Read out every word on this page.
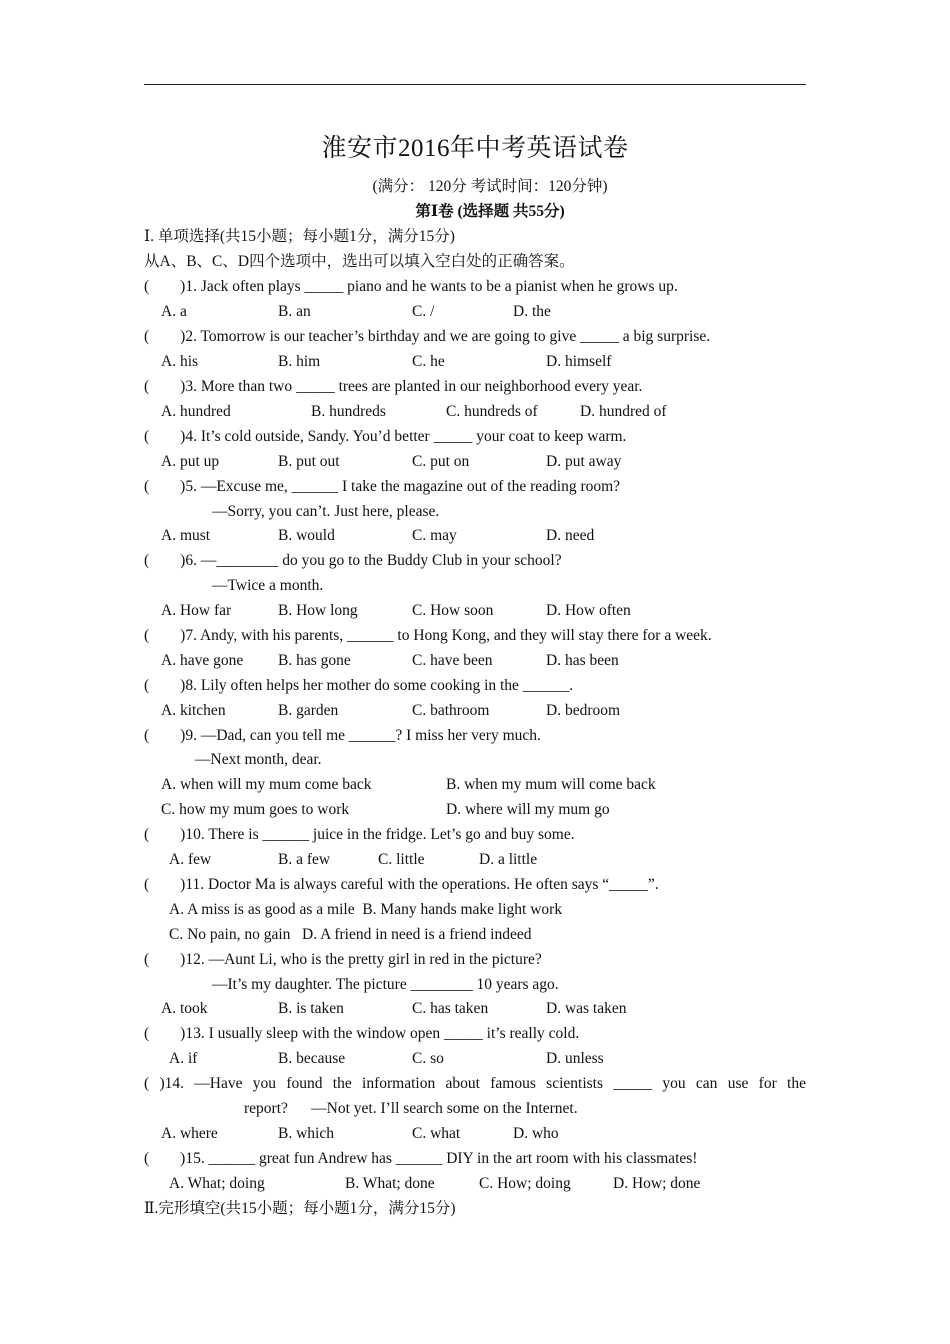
淮安市2016年中考英语试卷
(满分： 120分 考试时间：120分钟)
第Ⅰ卷 (选择题 共55分)
Ⅰ. 单项选择(共15小题；每小题1分，满分15分)
从A、B、C、D四个选项中，选出可以填入空白处的正确答案。
(        )1. Jack often plays _____ piano and he wants to be a pianist when he grows up.
A. a	B. an	C. /	D. the
(        )2. Tomorrow is our teacher’s birthday and we are going to give _____ a big surprise.
A. his	B. him	C. he	D. himself
(        )3. More than two _____ trees are planted in our neighborhood every year.
A. hundred	B. hundreds	C. hundreds of	D. hundred of
(        )4. It’s cold outside, Sandy. You’d better _____ your coat to keep warm.
A. put up	B. put out	C. put on	D. put away
(        )5. —Excuse me, ______ I take the magazine out of the reading room?
—Sorry, you can’t. Just here, please.
A. must	B. would	C. may	D. need
(        )6. —________ do you go to the Buddy Club in your school?
—Twice a month.
A. How far	B. How long	C. How soon	D. How often
(        )7. Andy, with his parents, ______ to Hong Kong, and they will stay there for a week.
A. have gone B. has gone	C. have been	D. has been
(        )8. Lily often helps her mother do some cooking in the ______.
A. kitchen	B. garden	C. bathroom	D. bedroom
(        )9. —Dad, can you tell me ______? I miss her very much.
—Next month, dear.
A. when will my mum come back	B. when my mum will come back
C. how my mum goes to work	D. where will my mum go
(        )10. There is ______ juice in the fridge. Let’s go and buy some.
A. few	B. a few	C. little	D. a little
(        )11. Doctor Ma is always careful with the operations. He often says “_____”.
A. A miss is as good as a mile  B. Many hands make light work
C. No pain, no gain   D. A friend in need is a friend indeed
(        )12. —Aunt Li, who is the pretty girl in red in the picture?
—It’s my daughter. The picture ________ 10 years ago.
A. took	B. is taken	C. has taken	D. was taken
(        )13. I usually sleep with the window open _____ it’s really cold.
A. if	B. because	C. so	D. unless
( )14. —Have you found the information about famous scientists _____ you can use for the
report?      —Not yet. I’ll search some on the Internet.
A. where	B. which	C. what	D. who
(        )15. ______ great fun Andrew has ______ DIY in the art room with his classmates!
A. What; doing	B. What; done	C. How; doing	D. How; done
Ⅱ.完形填空(共15小题；每小题1分，满分15分)
